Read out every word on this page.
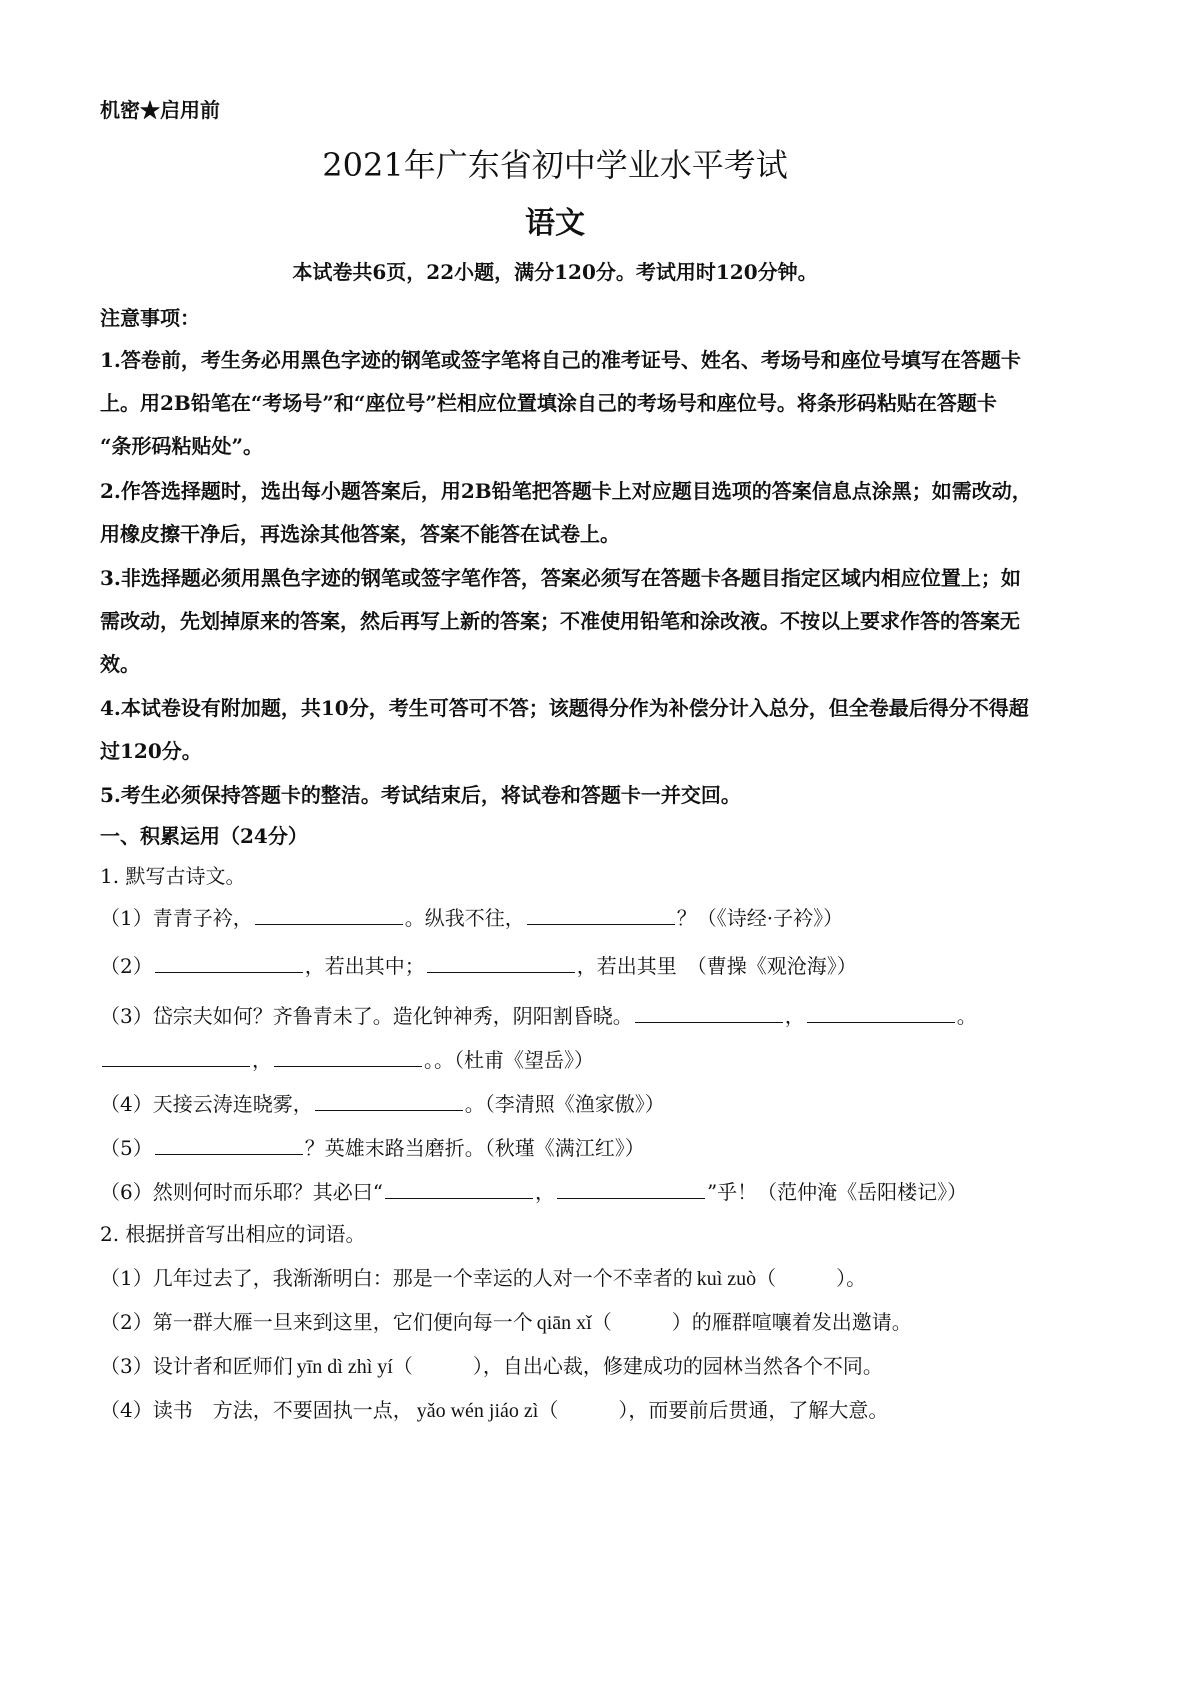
机密★启用前
2021年广东省初中学业水平考试
语文
本试卷共6页，22小题，满分120分。考试用时120分钟。
注意事项：
1.答卷前，考生务必用黑色字迹的钢笔或签字笔将自己的准考证号、姓名、考场号和座位号填写在答题卡
上。用2B铅笔在“考场号”和“座位号”栏相应位置填涂自己的考场号和座位号。将条形码粘贴在答题卡
“条形码粘贴处”。
2.作答选择题时，选出每小题答案后，用2B铅笔把答题卡上对应题目选项的答案信息点涂黑；如需改动，
用橡皮擦干净后，再选涂其他答案，答案不能答在试卷上。
3.非选择题必须用黑色字迹的钢笔或签字笔作答，答案必须写在答题卡各题目指定区域内相应位置上；如
需改动，先划掉原来的答案，然后再写上新的答案；不准使用铅笔和涂改液。不按以上要求作答的答案无
效。
4.本试卷设有附加题，共10分，考生可答可不答；该题得分作为补偿分计入总分，但全卷最后得分不得超
过120分。
5.考生必须保持答题卡的整洁。考试结束后，将试卷和答题卡一并交回。
一、积累运用（24分）
1. 默写古诗文。
（1）青青子衿，	。纵我不往，	？（《诗经·子衿》）
（2）	，若出其中；	，若出其里　（曹操《观沧海》）
（3）岱宗夫如何？齐鲁青未了。造化钟神秀，阴阳割昏晓。	，	。
，	。。（杜甫《望岳》）
（4）天接云涛连晓雾，	。（李清照《渔家傲》）
（5）	？英雄末路当磨折。（秋瑾《满江红》）
（6）然则何时而乐耶？其必曰“	，	”乎！（范仲淹《岳阳楼记》）
2. 根据拼音写出相应的词语。
（1）几年过去了，我渐渐明白：那是一个幸运的人对一个不幸者的  kuì zuò（	）。
（2）第一群大雁一旦来到这里，它们便向每一个  qiān xǐ（	）的雁群喧嚷着发出邀请。
（3）设计者和匠师们  yīn dì zhì yí（	），自出心裁，修建成功的园林当然各个不同。
（4）读书　方法，不要固执一点，  yǎo wén jiáo zì（	），而要前后贯通，了解大意。
